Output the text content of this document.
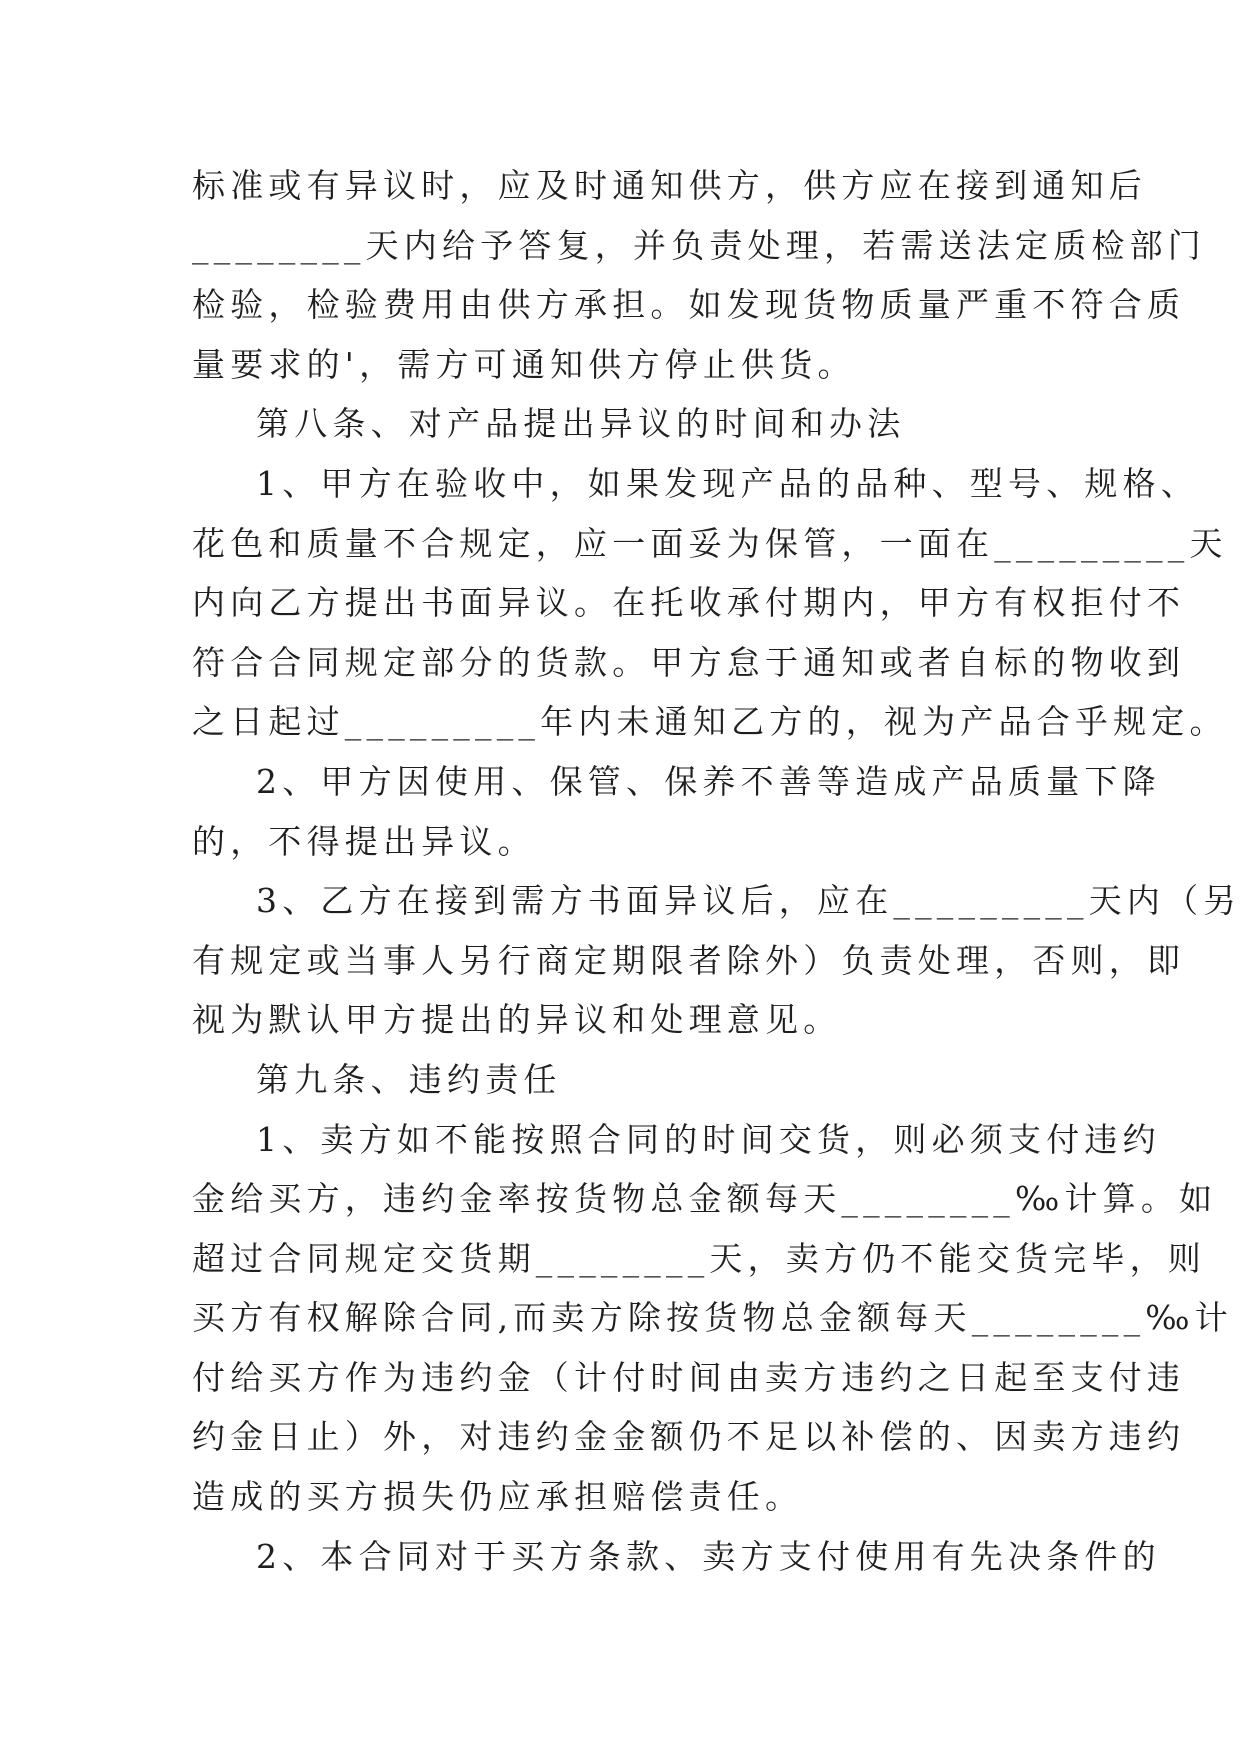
标准或有异议时，应及时通知供方，供方应在接到通知后
________天内给予答复，并负责处理，若需送法定质检部门
检验，检验费用由供方承担。如发现货物质量严重不符合质
量要求的'，需方可通知供方停止供货。
第八条、对产品提出异议的时间和办法
1、甲方在验收中，如果发现产品的品种、型号、规格、
花色和质量不合规定，应一面妥为保管，一面在_________天
内向乙方提出书面异议。在托收承付期内，甲方有权拒付不
符合合同规定部分的货款。甲方怠于通知或者自标的物收到
之日起过_________年内未通知乙方的，视为产品合乎规定。
2、甲方因使用、保管、保养不善等造成产品质量下降
的，不得提出异议。
3、乙方在接到需方书面异议后，应在_________天内（另
有规定或当事人另行商定期限者除外）负责处理，否则，即
视为默认甲方提出的异议和处理意见。
第九条、违约责任
1、卖方如不能按照合同的时间交货，则必须支付违约
金给买方，违约金率按货物总金额每天________‰计算。如
超过合同规定交货期________天，卖方仍不能交货完毕，则
买方有权解除合同,而卖方除按货物总金额每天________‰计
付给买方作为违约金（计付时间由卖方违约之日起至支付违
约金日止）外，对违约金金额仍不足以补偿的、因卖方违约
造成的买方损失仍应承担赔偿责任。
2、本合同对于买方条款、卖方支付使用有先决条件的
